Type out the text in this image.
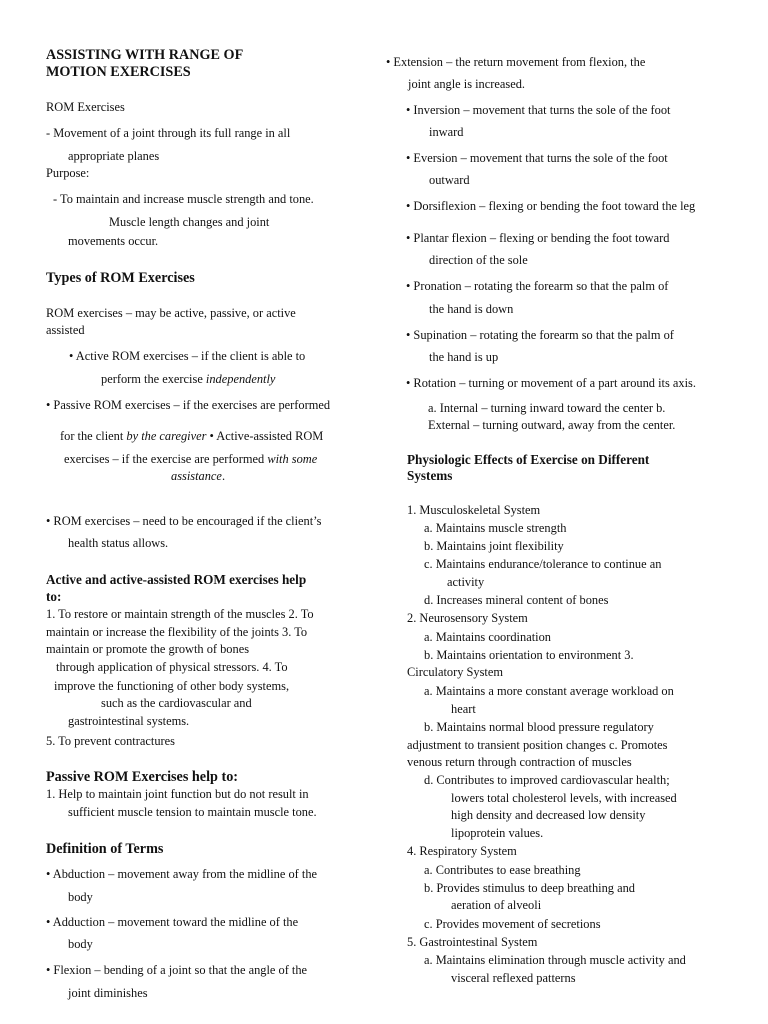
ASSISTING WITH RANGE OF
MOTION EXERCISES
ROM Exercises
- Movement of a joint through its full range in all
appropriate planes
Purpose:
- To maintain and increase muscle strength and tone.
Muscle length changes and joint
movements occur.
Types of ROM Exercises
ROM exercises – may be active, passive, or active
assisted
• Active ROM exercises – if the client is able to
perform the exercise independently
• Passive ROM exercises – if the exercises are performed
for the client by the caregiver • Active-assisted ROM
exercises – if the exercise are performed with some
assistance.
• ROM exercises – need to be encouraged if the client’s
health status allows.
Active and active-assisted ROM exercises help
to:
1. To restore or maintain strength of the muscles 2. To
maintain or increase the flexibility of the joints 3. To
maintain or promote the growth of bones
through application of physical stressors. 4. To
improve the functioning of other body systems,
such as the cardiovascular and
gastrointestinal systems.
5. To prevent contractures
Passive ROM Exercises help to:
1. Help to maintain joint function but do not result in
sufficient muscle tension to maintain muscle tone.
Definition of Terms
• Abduction – movement away from the midline of the
body
• Adduction – movement toward the midline of the
body
• Flexion – bending of a joint so that the angle of the
joint diminishes
• Extension – the return movement from flexion, the
joint angle is increased.
• Inversion – movement that turns the sole of the foot
inward
• Eversion – movement that turns the sole of the foot
outward
• Dorsiflexion – flexing or bending the foot toward the leg
• Plantar flexion – flexing or bending the foot toward
direction of the sole
• Pronation – rotating the forearm so that the palm of
the hand is down
• Supination – rotating the forearm so that the palm of
the hand is up
• Rotation – turning or movement of a part around its axis.
a. Internal – turning inward toward the center b.
External – turning outward, away from the center.
Physiologic Effects of Exercise on Different
Systems
1. Musculoskeletal System
a. Maintains muscle strength
b. Maintains joint flexibility
c. Maintains endurance/tolerance to continue an
activity
d. Increases mineral content of bones
2. Neurosensory System
a. Maintains coordination
b. Maintains orientation to environment 3.
Circulatory System
a. Maintains a more constant average workload on
heart
b. Maintains normal blood pressure regulatory
adjustment to transient position changes c. Promotes
venous return through contraction of muscles
d. Contributes to improved cardiovascular health;
lowers total cholesterol levels, with increased
high density and decreased low density
lipoprotein values.
4. Respiratory System
a. Contributes to ease breathing
b. Provides stimulus to deep breathing and
aeration of alveoli
c. Provides movement of secretions
5. Gastrointestinal System
a. Maintains elimination through muscle activity and
visceral reflexed patterns
